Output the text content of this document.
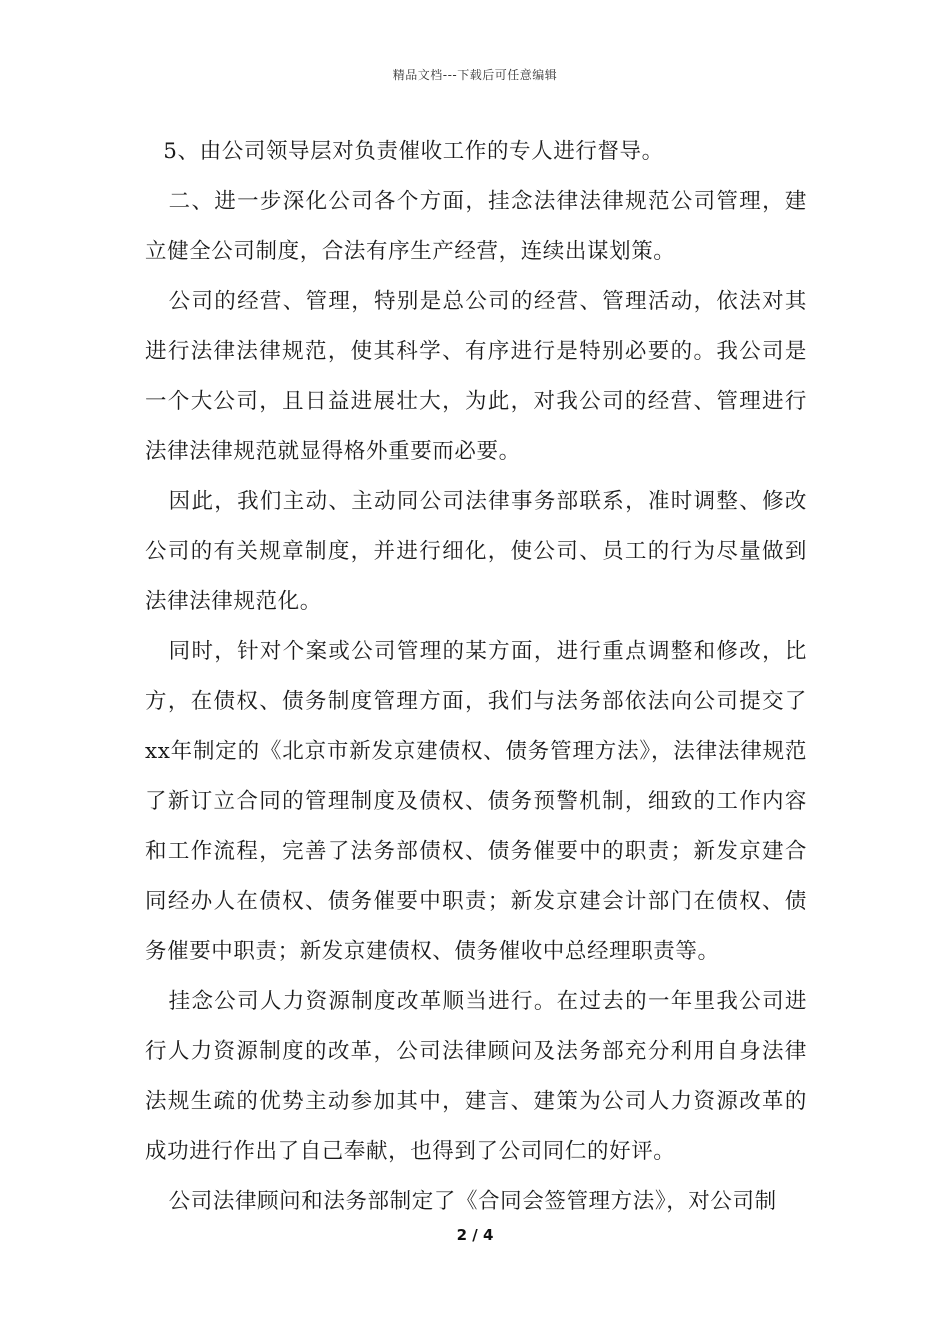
精品文档---下载后可任意编辑

5、由公司领导层对负责催收工作的专人进行督导。

二、进一步深化公司各个方面，挂念法律法律规范公司管理，建立健全公司制度，合法有序生产经营，连续出谋划策。

公司的经营、管理，特别是总公司的经营、管理活动，依法对其进行法律法律规范，使其科学、有序进行是特别必要的。我公司是一个大公司，且日益进展壮大，为此，对我公司的经营、管理进行法律法律规范就显得格外重要而必要。

因此，我们主动、主动同公司法律事务部联系，准时调整、修改公司的有关规章制度，并进行细化，使公司、员工的行为尽量做到法律法律规范化。

同时，针对个案或公司管理的某方面，进行重点调整和修改，比方，在债权、债务制度管理方面，我们与法务部依法向公司提交了xx年制定的《北京市新发京建债权、债务管理方法》，法律法律规范了新订立合同的管理制度及债权、债务预警机制，细致的工作内容和工作流程，完善了法务部债权、债务催要中的职责；新发京建合同经办人在债权、债务催要中职责；新发京建会计部门在债权、债务催要中职责；新发京建债权、债务催收中总经理职责等。

挂念公司人力资源制度改革顺当进行。在过去的一年里我公司进行人力资源制度的改革，公司法律顾问及法务部充分利用自身法律法规生疏的优势主动参加其中，建言、建策为公司人力资源改革的成功进行作出了自己奉献，也得到了公司同仁的好评。

公司法律顾问和法务部制定了《合同会签管理方法》，对公司制

2 / 4
